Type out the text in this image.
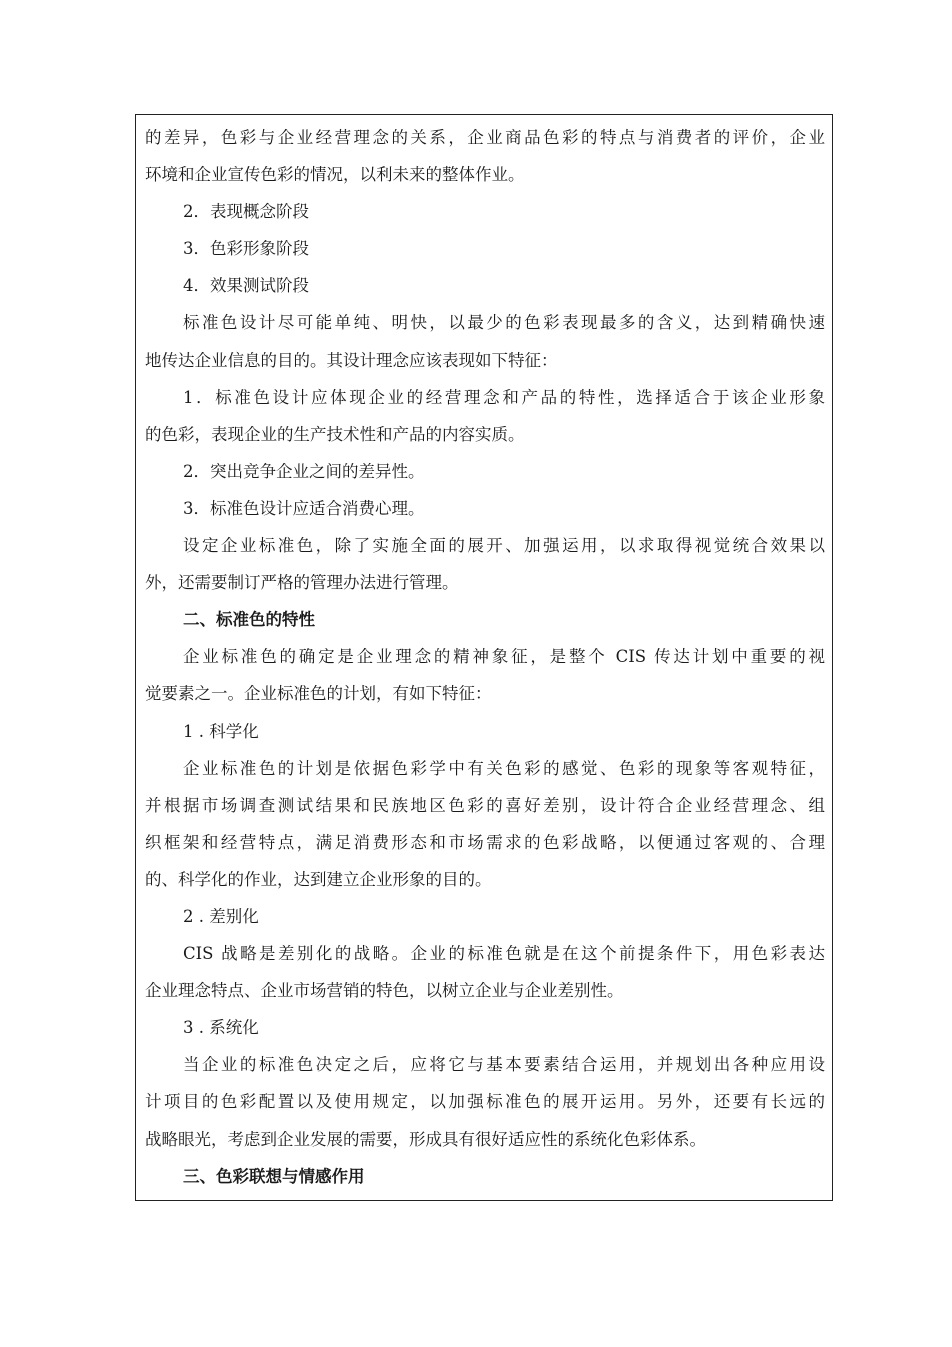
的差异，色彩与企业经营理念的关系，企业商品色彩的特点与消费者的评价，企业
环境和企业宣传色彩的情况，以利未来的整体作业。
2．表现概念阶段
3．色彩形象阶段
4．效果测试阶段
标准色设计尽可能单纯、明快，以最少的色彩表现最多的含义，达到精确快速
地传达企业信息的目的。其设计理念应该表现如下特征：
1．标准色设计应体现企业的经营理念和产品的特性，选择适合于该企业形象
的色彩，表现企业的生产技术性和产品的内容实质。
2．突出竞争企业之间的差异性。
3．标准色设计应适合消费心理。
设定企业标准色，除了实施全面的展开、加强运用，以求取得视觉统合效果以
外，还需要制订严格的管理办法进行管理。
二、标准色的特性
企业标准色的确定是企业理念的精神象征，是整个 CIS 传达计划中重要的视
觉要素之一。企业标准色的计划，有如下特征：
1 . 科学化
企业标准色的计划是依据色彩学中有关色彩的感觉、色彩的现象等客观特征，
并根据市场调查测试结果和民族地区色彩的喜好差别，设计符合企业经营理念、组
织框架和经营特点，满足消费形态和市场需求的色彩战略，以便通过客观的、合理
的、科学化的作业，达到建立企业形象的目的。
2 . 差别化
CIS 战略是差别化的战略。企业的标准色就是在这个前提条件下，用色彩表达
企业理念特点、企业市场营销的特色，以树立企业与企业差别性。
3 . 系统化
当企业的标准色决定之后，应将它与基本要素结合运用，并规划出各种应用设
计项目的色彩配置以及使用规定，以加强标准色的展开运用。另外，还要有长远的
战略眼光，考虑到企业发展的需要，形成具有很好适应性的系统化色彩体系。
三、色彩联想与情感作用
